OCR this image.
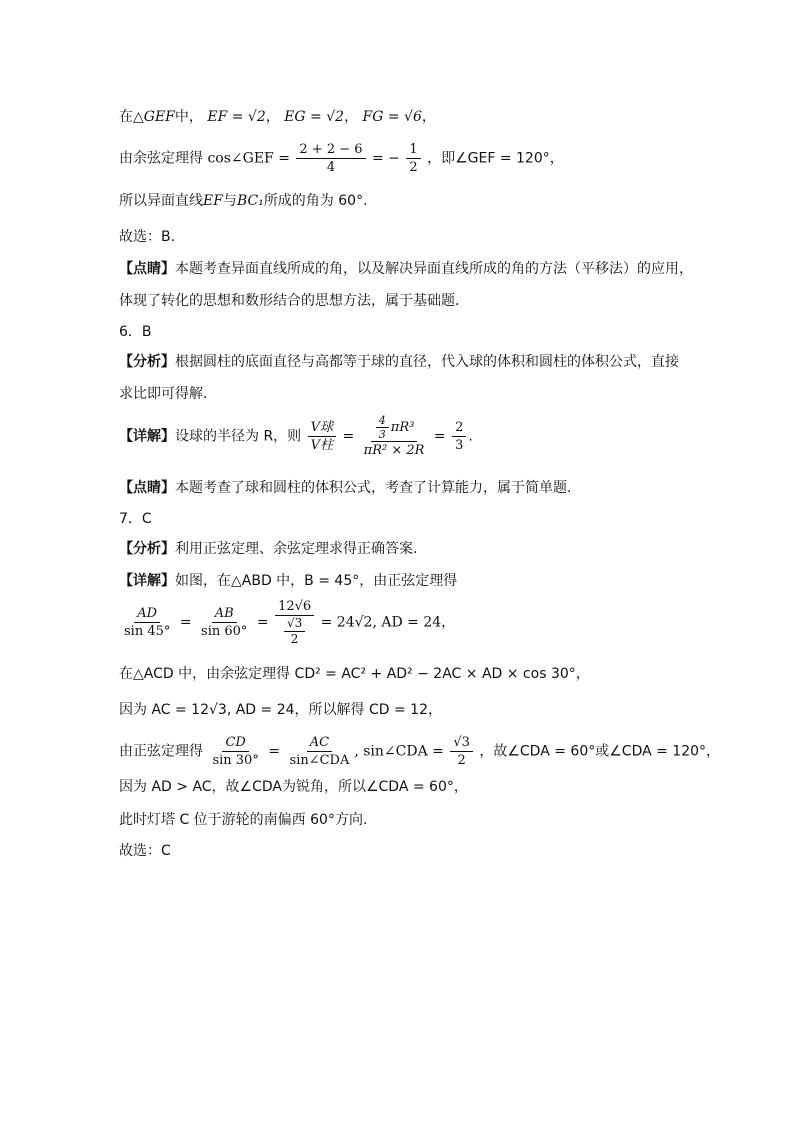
在△GEF中， EF = √2， EG = √2， FG = √6，
由余弦定理得 cos∠GEF = $\frac{2 + 2 - 6}{4}$ = − $\frac{1}{2}$ ，即∠GEF = 120°，
所以异面直线EF与BC₁所成的角为 60°.
故选：B.
【点睛】本题考查异面直线所成的角，以及解决异面直线所成的角的方法（平移法）的应用，
体现了转化的思想和数形结合的思想方法，属于基础题．
6．B
【分析】根据圆柱的底面直径与高都等于球的直径，代入球的体积和圆柱的体积公式，直接
求比即可得解.
【详解】设球的半径为 R，则 $\frac{\text{V球}}{\text{V柱}} = \frac{\frac{4}{3} \pi R^3}{\text{πR² × 2R}} = \frac{2}{3}$ .
【点睛】本题考查了球和圆柱的体积公式，考查了计算能力，属于简单题.
7．C
【分析】利用正弦定理、余弦定理求得正确答案.
【详解】如图，在△ABD 中，B = 45°，由正弦定理得
$\frac{AD}{\sin 45^\circ} = \frac{AB}{\sin 60^\circ} = \frac{12√6}{\frac{√3}{2}} = 24√2$, AD = 24，
在△ACD 中，由余弦定理得 CD² = AC² + AD² − 2AC × AD × cos 30°，
因为 AC = 12√3, AD = 24，所以解得 CD = 12，
由正弦定理得 $\frac{CD}{\sin 30^\circ} = \frac{AC}{\text{sin∠CDA}}$ , sin∠CDA = $\frac{√3}{2}$ ，故∠CDA = 60°或∠CDA = 120°，
因为 AD > AC，故∠CDA为锐角，所以∠CDA = 60°，
此时灯塔 C 位于游轮的南偏西 60°方向.
故选：C
